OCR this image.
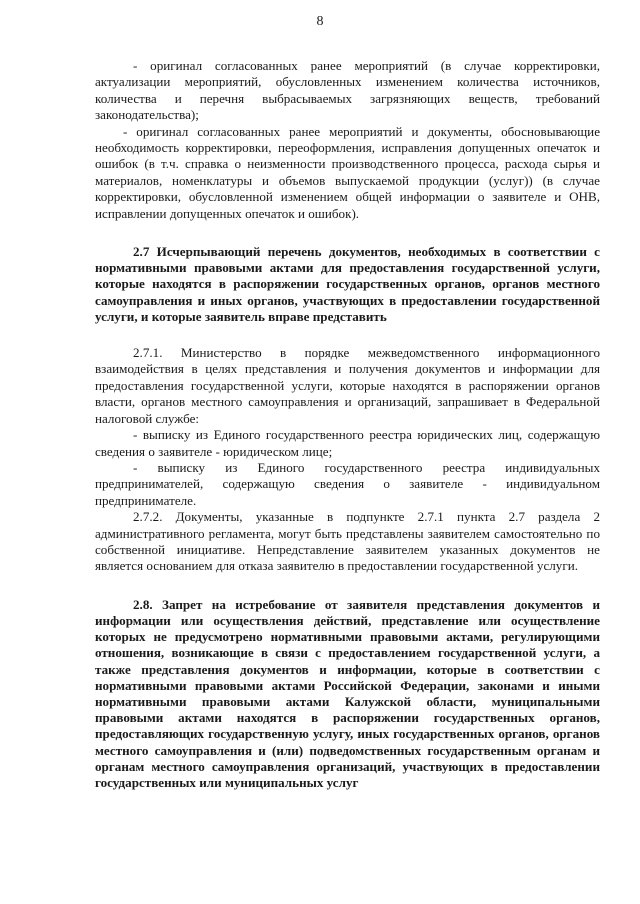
8

- оригинал согласованных ранее мероприятий (в случае корректировки, актуализации мероприятий, обусловленных изменением количества источников, количества и перечня выбрасываемых загрязняющих веществ, требований законодательства);

- оригинал согласованных ранее мероприятий и документы, обосновывающие необходимость корректировки, переоформления, исправления допущенных опечаток и ошибок (в т.ч. справка о неизменности производственного процесса, расхода сырья и материалов, номенклатуры и объемов выпускаемой продукции (услуг)) (в случае корректировки, обусловленной изменением общей информации о заявителе и ОНВ, исправлении допущенных опечаток и ошибок).

2.7 Исчерпывающий перечень документов, необходимых в соответствии с нормативными правовыми актами для предоставления государственной услуги, которые находятся в распоряжении государственных органов, органов местного самоуправления и иных органов, участвующих в предоставлении государственной услуги, и которые заявитель вправе представить

2.7.1. Министерство в порядке межведомственного информационного взаимодействия в целях представления и получения документов и информации для предоставления государственной услуги, которые находятся в распоряжении органов власти, органов местного самоуправления и организаций, запрашивает в Федеральной налоговой службе:

- выписку из Единого государственного реестра юридических лиц, содержащую сведения о заявителе - юридическом лице;

- выписку из Единого государственного реестра индивидуальных предпринимателей, содержащую сведения о заявителе - индивидуальном предпринимателе.

2.7.2. Документы, указанные в подпункте 2.7.1 пункта 2.7 раздела 2 административного регламента, могут быть представлены заявителем самостоятельно по собственной инициативе. Непредставление заявителем указанных документов не является основанием для отказа заявителю в предоставлении государственной услуги.

2.8. Запрет на истребование от заявителя представления документов и информации или осуществления действий, представление или осуществление которых не предусмотрено нормативными правовыми актами, регулирующими отношения, возникающие в связи с предоставлением государственной услуги, а также представления документов и информации, которые в соответствии с нормативными правовыми актами Российской Федерации, законами и иными нормативными правовыми актами Калужской области, муниципальными правовыми актами находятся в распоряжении государственных органов, предоставляющих государственную услугу, иных государственных органов, органов местного самоуправления и (или) подведомственных государственным органам и органам местного самоуправления организаций, участвующих в предоставлении государственных или муниципальных услуг
